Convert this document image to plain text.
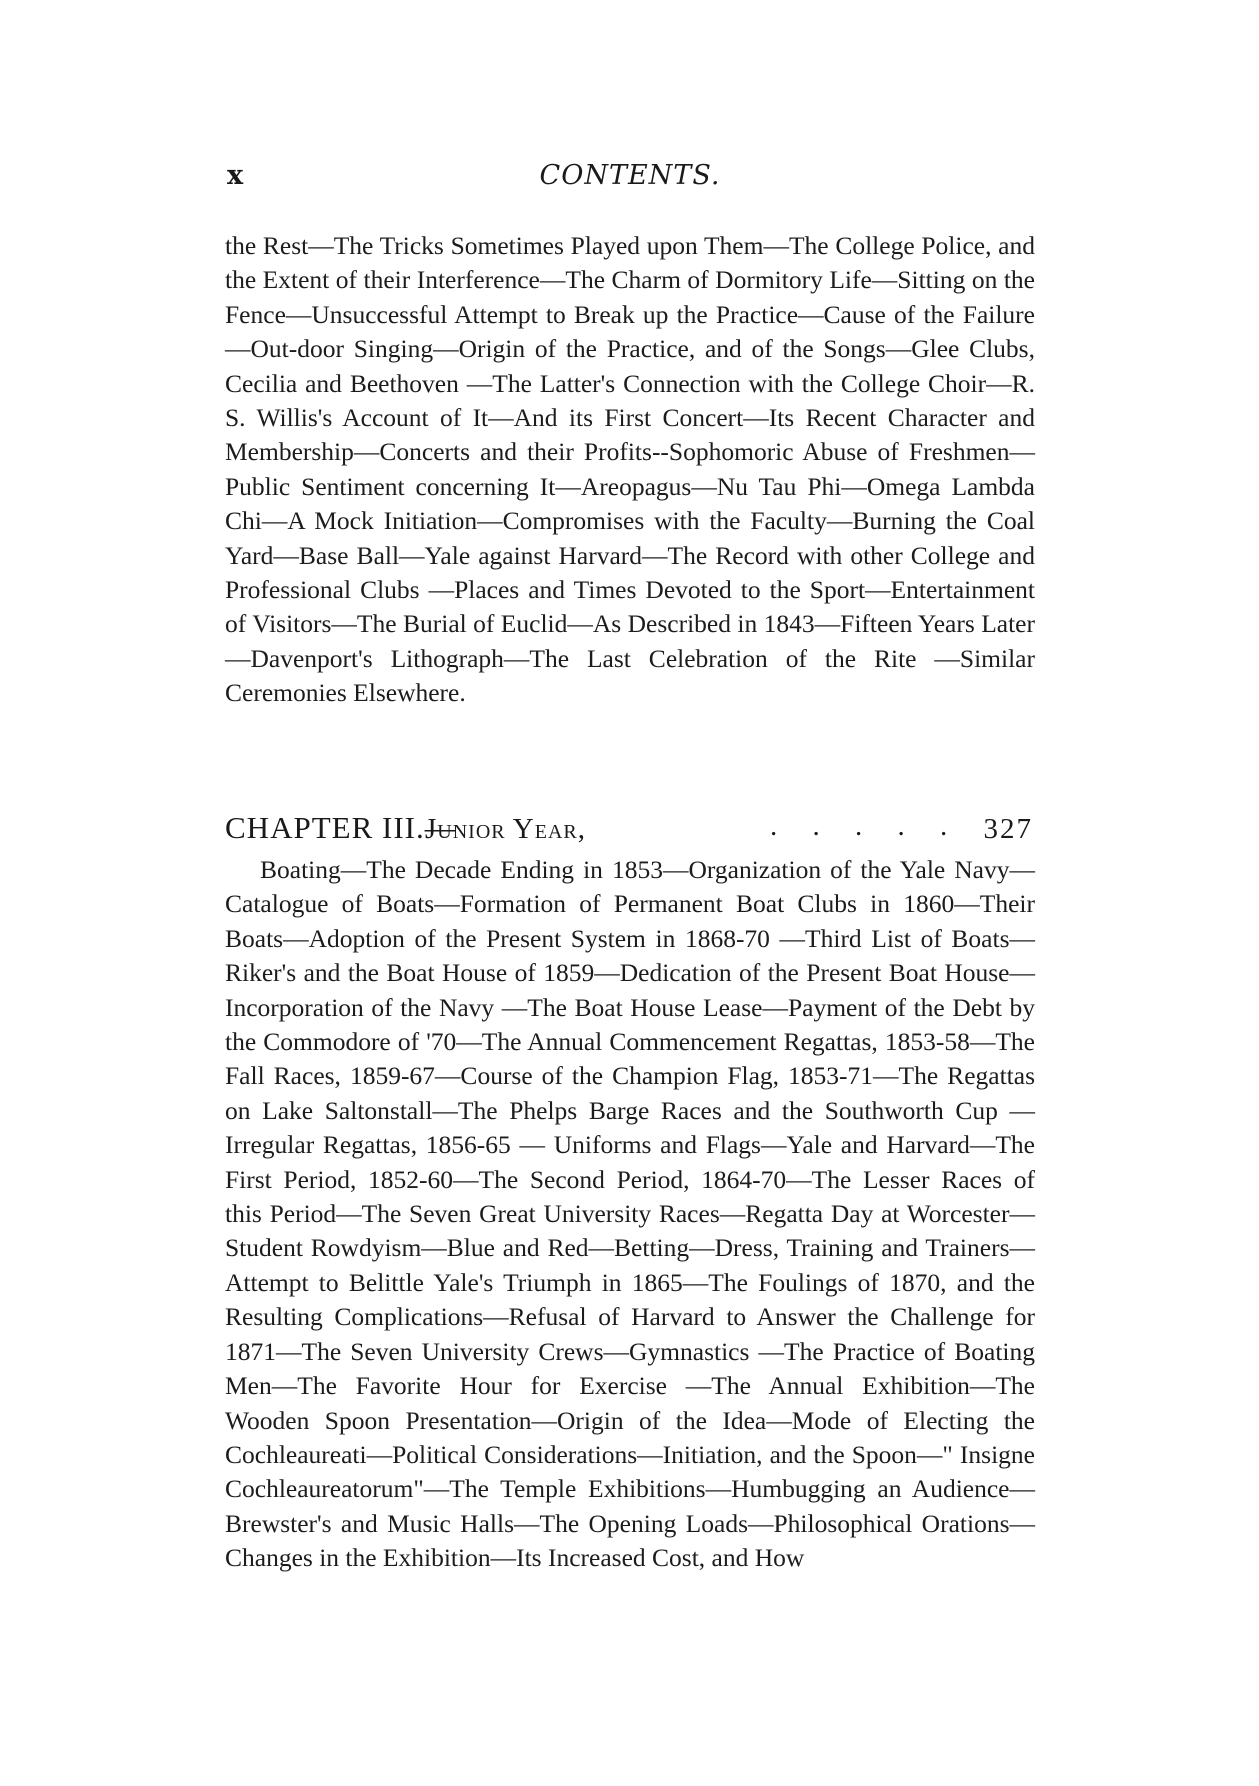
x	CONTENTS.

the Rest—The Tricks Sometimes Played upon Them—The College Police, and the Extent of their Interference—The Charm of Dormitory Life—Sitting on the Fence—Unsuccessful Attempt to Break up the Practice—Cause of the Failure—Out-door Singing—Origin of the Practice, and of the Songs—Glee Clubs, Cecilia and Beethoven —The Latter's Connection with the College Choir—R. S. Willis's Account of It—And its First Concert—Its Recent Character and Membership—Concerts and their Profits--Sophomoric Abuse of Freshmen—Public Sentiment concerning It—Areopagus—Nu Tau Phi—Omega Lambda Chi—A Mock Initiation—Compromises with the Faculty—Burning the Coal Yard—Base Ball—Yale against Harvard—The Record with other College and Professional Clubs —Places and Times Devoted to the Sport—Entertainment of Visitors—The Burial of Euclid—As Described in 1843—Fifteen Years Later—Davenport's Lithograph—The Last Celebration of the Rite —Similar Ceremonies Elsewhere.

CHAPTER III.—
Junior Year,	. . . . . 327

Boating—The Decade Ending in 1853—Organization of the Yale Navy—Catalogue of Boats—Formation of Permanent Boat Clubs in 1860—Their Boats—Adoption of the Present System in 1868-70 —Third List of Boats—Riker's and the Boat House of 1859—Dedication of the Present Boat House—Incorporation of the Navy —The Boat House Lease—Payment of the Debt by the Commodore of '70—The Annual Commencement Regattas, 1853-58—The Fall Races, 1859-67—Course of the Champion Flag, 1853-71—The Regattas on Lake Saltonstall—The Phelps Barge Races and the Southworth Cup — Irregular Regattas, 1856-65 — Uniforms and Flags—Yale and Harvard—The First Period, 1852-60—The Second Period, 1864-70—The Lesser Races of this Period—The Seven Great University Races—Regatta Day at Worcester—Student Rowdyism—Blue and Red—Betting—Dress, Training and Trainers—Attempt to Belittle Yale's Triumph in 1865—The Foulings of 1870, and the Resulting Complications—Refusal of Harvard to Answer the Challenge for 1871—The Seven University Crews—Gymnastics —The Practice of Boating Men—The Favorite Hour for Exercise —The Annual Exhibition—The Wooden Spoon Presentation—Origin of the Idea—Mode of Electing the Cochleaureati—Political Considerations—Initiation, and the Spoon—" Insigne Cochleaureatorum"—The Temple Exhibitions—Humbugging an Audience—Brewster's and Music Halls—The Opening Loads—Philosophical Orations—Changes in the Exhibition—Its Increased Cost, and How
